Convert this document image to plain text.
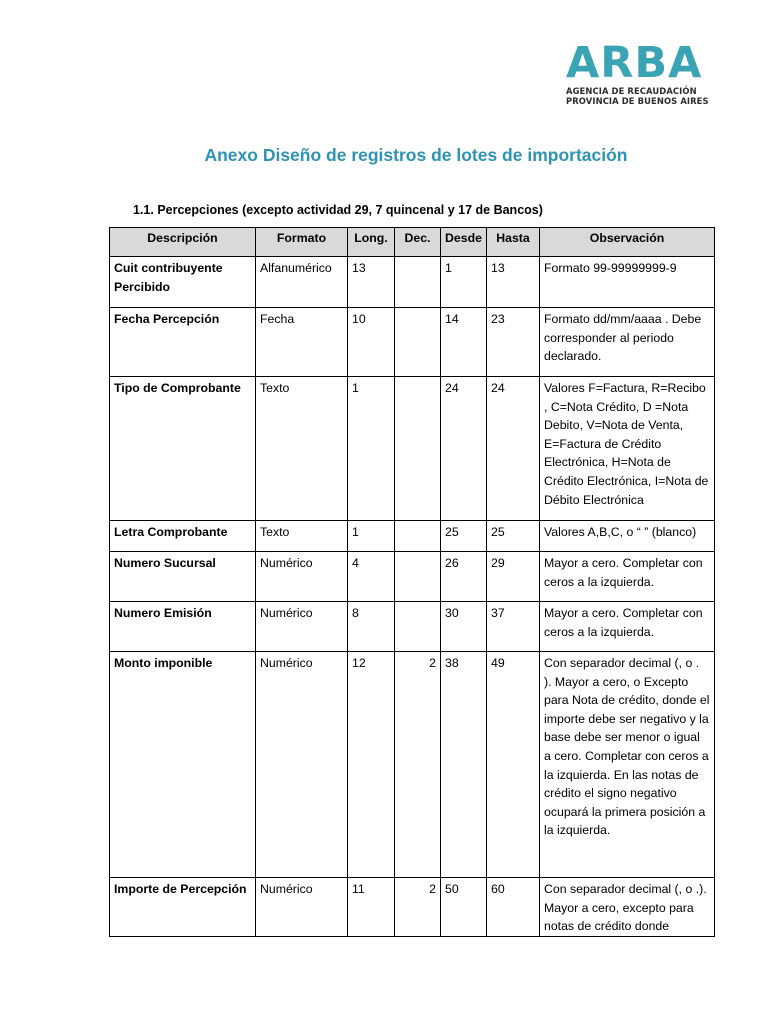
ARBA
AGENCIA DE RECAUDACIÓN
PROVINCIA DE BUENOS AIRES
Anexo Diseño de registros de lotes de importación
1.1. Percepciones (excepto actividad 29, 7 quincenal y 17 de Bancos)
Descripción	Formato	Long.	Dec.	Desde	Hasta	Observación
Cuit contribuyente Percibido	Alfanumérico	13		1	13	Formato 99-99999999-9
Fecha Percepción	Fecha	10		14	23	Formato dd/mm/aaaa . Debe corresponder al periodo declarado.
Tipo de Comprobante	Texto	1		24	24	Valores F=Factura, R=Recibo , C=Nota Crédito, D =Nota Debito, V=Nota de Venta, E=Factura de Crédito Electrónica, H=Nota de Crédito Electrónica, I=Nota de Débito Electrónica
Letra Comprobante	Texto	1		25	25	Valores A,B,C, o “ ” (blanco)
Numero Sucursal	Numérico	4		26	29	Mayor a cero. Completar con ceros a la izquierda.
Numero Emisión	Numérico	8		30	37	Mayor a cero. Completar con ceros a la izquierda.
Monto imponible	Numérico	12	2	38	49	Con separador decimal (, o . ). Mayor a cero, o Excepto para Nota de crédito, donde el importe debe ser negativo y la base debe ser menor o igual a cero. Completar con ceros a la izquierda. En las notas de crédito el signo negativo ocupará la primera posición a la izquierda.
Importe de Percepción	Numérico	11	2	50	60	Con separador decimal (, o .). Mayor a cero, excepto para notas de crédito donde
